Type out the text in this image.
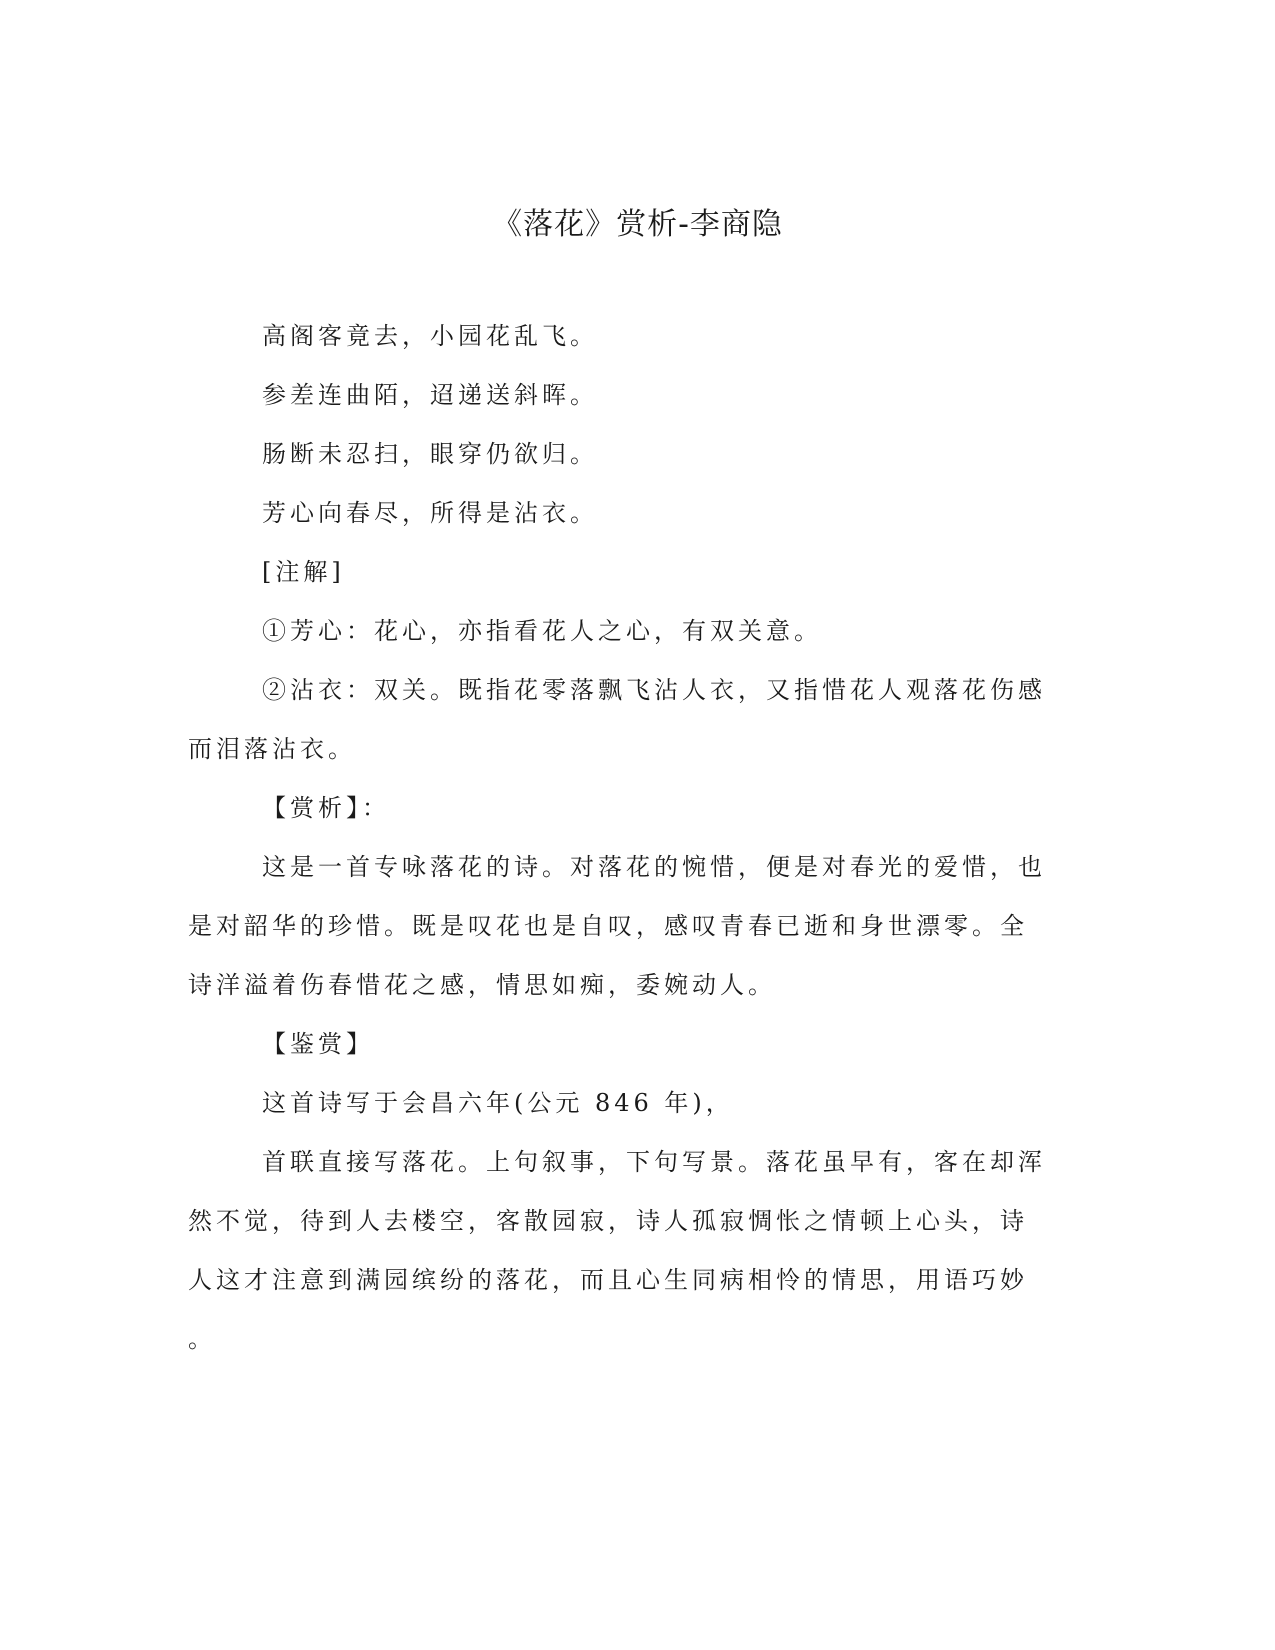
《落花》赏析-李商隐
高阁客竟去，小园花乱飞。
参差连曲陌，迢递送斜晖。
肠断未忍扫，眼穿仍欲归。
芳心向春尽，所得是沾衣。
[注解]
①芳心：花心，亦指看花人之心，有双关意。
②沾衣：双关。既指花零落飘飞沾人衣，又指惜花人观落花伤感
而泪落沾衣。
【赏析】：
这是一首专咏落花的诗。对落花的惋惜，便是对春光的爱惜，也
是对韶华的珍惜。既是叹花也是自叹，感叹青春已逝和身世漂零。全
诗洋溢着伤春惜花之感，情思如痴，委婉动人。
【鉴赏】
这首诗写于会昌六年(公元 846 年)，
首联直接写落花。上句叙事，下句写景。落花虽早有，客在却浑
然不觉，待到人去楼空，客散园寂，诗人孤寂惆怅之情顿上心头，诗
人这才注意到满园缤纷的落花，而且心生同病相怜的情思，用语巧妙
。
